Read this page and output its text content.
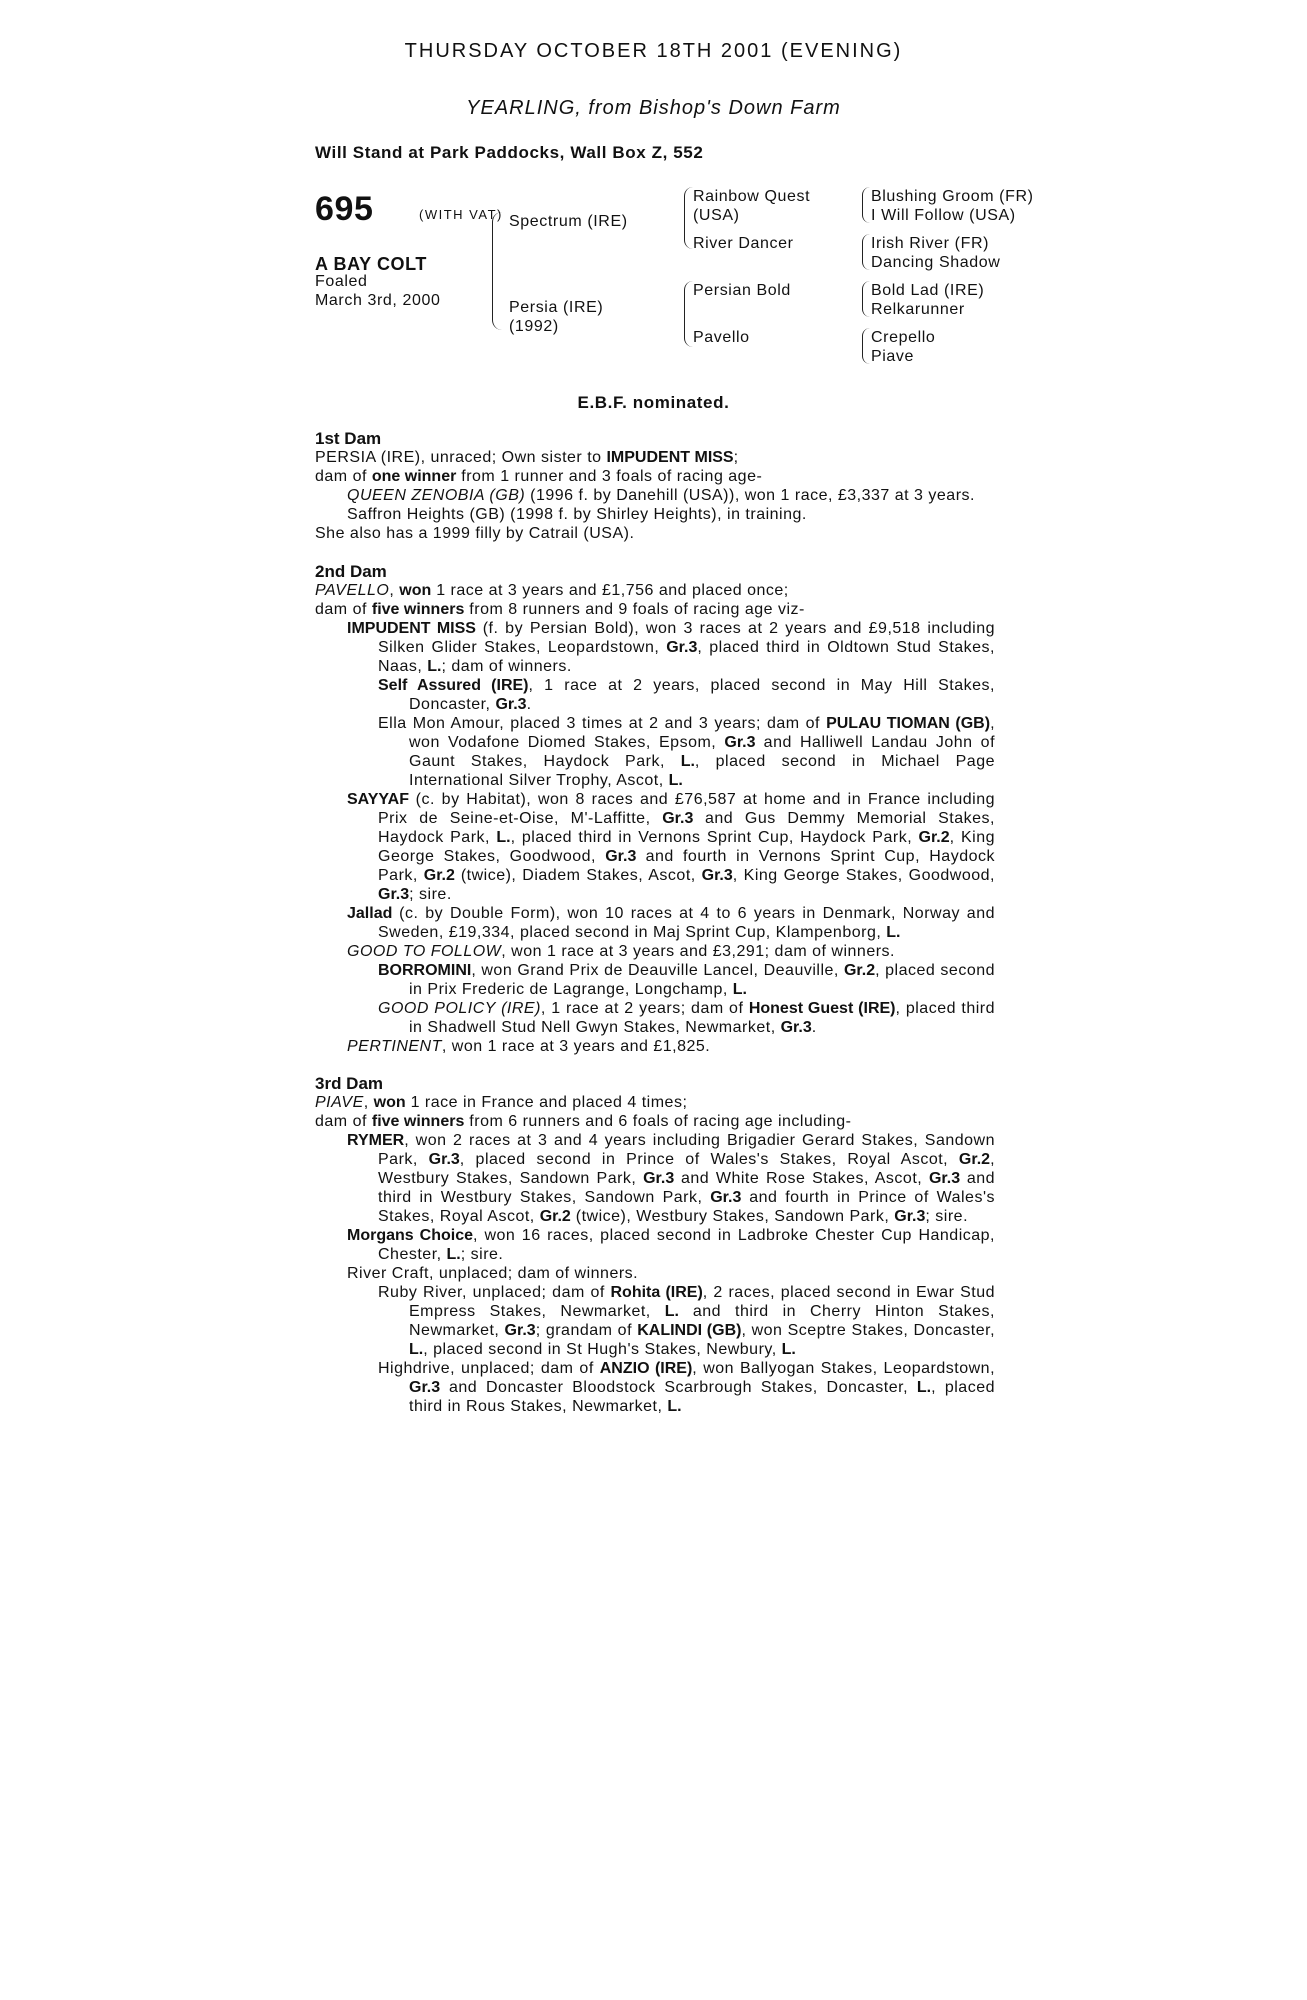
THURSDAY OCTOBER 18TH 2001 (EVENING)
YEARLING, from Bishop's Down Farm
Will Stand at Park Paddocks, Wall Box Z, 552
695	(WITH VAT)
A BAY COLT
Foaled
March 3rd, 2000
Spectrum (IRE)
Persia (IRE)
(1992)
Rainbow Quest
(USA)
River Dancer
Persian Bold
Pavello
Blushing Groom (FR)
I Will Follow (USA)
Irish River (FR)
Dancing Shadow
Bold Lad (IRE)
Relkarunner
Crepello
Piave
E.B.F. nominated.
1st Dam
PERSIA (IRE), unraced; Own sister to IMPUDENT MISS;
dam of one winner from 1 runner and 3 foals of racing age-
QUEEN ZENOBIA (GB) (1996 f. by Danehill (USA)), won 1 race, £3,337 at 3 years.
Saffron Heights (GB) (1998 f. by Shirley Heights), in training.
She also has a 1999 filly by Catrail (USA).
2nd Dam
PAVELLO, won 1 race at 3 years and £1,756 and placed once;
dam of five winners from 8 runners and 9 foals of racing age viz-
IMPUDENT MISS (f. by Persian Bold), won 3 races at 2 years and £9,518 including Silken Glider Stakes, Leopardstown, Gr.3, placed third in Oldtown Stud Stakes, Naas, L.; dam of winners.
Self Assured (IRE), 1 race at 2 years, placed second in May Hill Stakes, Doncaster, Gr.3.
Ella Mon Amour, placed 3 times at 2 and 3 years; dam of PULAU TIOMAN (GB), won Vodafone Diomed Stakes, Epsom, Gr.3 and Halliwell Landau John of Gaunt Stakes, Haydock Park, L., placed second in Michael Page International Silver Trophy, Ascot, L.
SAYYAF (c. by Habitat), won 8 races and £76,587 at home and in France including Prix de Seine-et-Oise, M'-Laffitte, Gr.3 and Gus Demmy Memorial Stakes, Haydock Park, L., placed third in Vernons Sprint Cup, Haydock Park, Gr.2, King George Stakes, Goodwood, Gr.3 and fourth in Vernons Sprint Cup, Haydock Park, Gr.2 (twice), Diadem Stakes, Ascot, Gr.3, King George Stakes, Goodwood, Gr.3; sire.
Jallad (c. by Double Form), won 10 races at 4 to 6 years in Denmark, Norway and Sweden, £19,334, placed second in Maj Sprint Cup, Klampenborg, L.
GOOD TO FOLLOW, won 1 race at 3 years and £3,291; dam of winners.
BORROMINI, won Grand Prix de Deauville Lancel, Deauville, Gr.2, placed second in Prix Frederic de Lagrange, Longchamp, L.
GOOD POLICY (IRE), 1 race at 2 years; dam of Honest Guest (IRE), placed third in Shadwell Stud Nell Gwyn Stakes, Newmarket, Gr.3.
PERTINENT, won 1 race at 3 years and £1,825.
3rd Dam
PIAVE, won 1 race in France and placed 4 times;
dam of five winners from 6 runners and 6 foals of racing age including-
RYMER, won 2 races at 3 and 4 years including Brigadier Gerard Stakes, Sandown Park, Gr.3, placed second in Prince of Wales's Stakes, Royal Ascot, Gr.2, Westbury Stakes, Sandown Park, Gr.3 and White Rose Stakes, Ascot, Gr.3 and third in Westbury Stakes, Sandown Park, Gr.3 and fourth in Prince of Wales's Stakes, Royal Ascot, Gr.2 (twice), Westbury Stakes, Sandown Park, Gr.3; sire.
Morgans Choice, won 16 races, placed second in Ladbroke Chester Cup Handicap, Chester, L.; sire.
River Craft, unplaced; dam of winners.
Ruby River, unplaced; dam of Rohita (IRE), 2 races, placed second in Ewar Stud Empress Stakes, Newmarket, L. and third in Cherry Hinton Stakes, Newmarket, Gr.3; grandam of KALINDI (GB), won Sceptre Stakes, Doncaster, L., placed second in St Hugh's Stakes, Newbury, L.
Highdrive, unplaced; dam of ANZIO (IRE), won Ballyogan Stakes, Leopardstown, Gr.3 and Doncaster Bloodstock Scarbrough Stakes, Doncaster, L., placed third in Rous Stakes, Newmarket, L.
